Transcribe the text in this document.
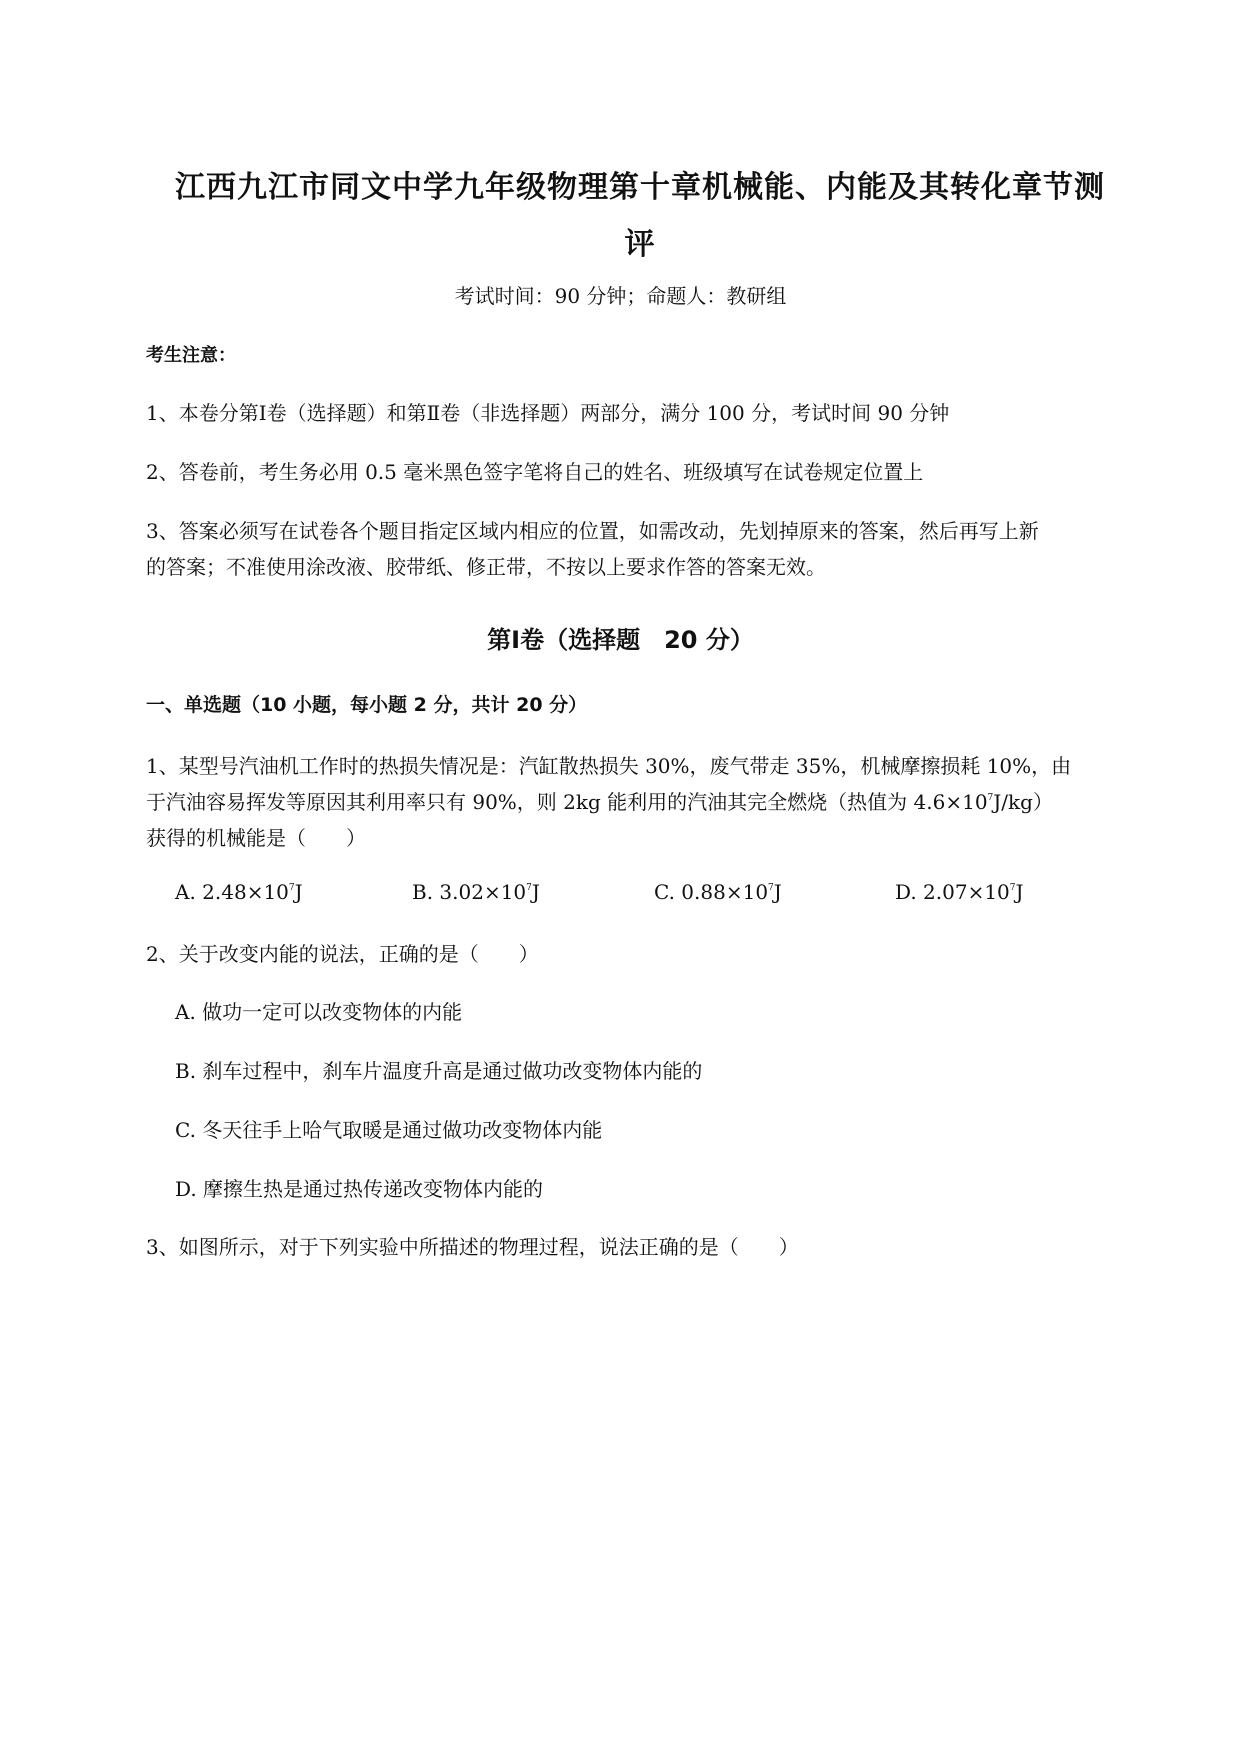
江西九江市同文中学九年级物理第十章机械能、内能及其转化章节测
评
考试时间：90 分钟；命题人：教研组
考生注意：
1、本卷分第Ⅰ卷（选择题）和第Ⅱ卷（非选择题）两部分，满分 100 分，考试时间 90 分钟
2、答卷前，考生务必用 0.5 毫米黑色签字笔将自己的姓名、班级填写在试卷规定位置上
3、答案必须写在试卷各个题目指定区域内相应的位置，如需改动，先划掉原来的答案，然后再写上新
的答案；不准使用涂改液、胶带纸、修正带，不按以上要求作答的答案无效。
第Ⅰ卷（选择题　20 分）
一、单选题（10 小题，每小题 2 分，共计 20 分）
1、某型号汽油机工作时的热损失情况是：汽缸散热损失 30%，废气带走 35%，机械摩擦损耗 10%，由
于汽油容易挥发等原因其利用率只有 90%，则 2kg 能利用的汽油其完全燃烧（热值为 $4.6\times 10^7J/kg$）
获得的机械能是（　　）
A. $2.48\times 10^7J$	B. $3.02\times 10^7J$	C. $0.88\times 10^7J$	D. $2.07\times 10^7J$
2、关于改变内能的说法，正确的是（　　）
A. 做功一定可以改变物体的内能
B. 刹车过程中，刹车片温度升高是通过做功改变物体内能的
C. 冬天往手上哈气取暖是通过做功改变物体内能
D. 摩擦生热是通过热传递改变物体内能的
3、如图所示，对于下列实验中所描述的物理过程，说法正确的是（　　）
